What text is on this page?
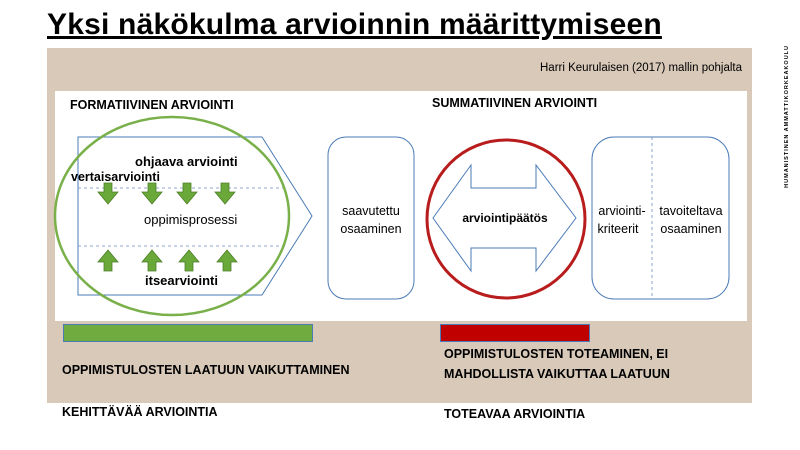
Yksi näkökulma arvioinnin määrittymiseen
Harri Keurulaisen (2017) mallin pohjalta	HUMANISTINEN AMMATTIKORKEAKOULU
FORMATIIVINEN ARVIOINTI	SUMMATIIVINEN ARVIOINTI
ohjaava arviointi
vertaisarviointi
oppimisprosessi
itsearviointi
saavutettu
osaaminen
arviointipäätös	arviointi-
kriteerit
tavoiteltava
osaaminen
OPPIMISTULOSTEN LAATUUN VAIKUTTAMINEN
OPPIMISTULOSTEN TOTEAMINEN, EI
MAHDOLLISTA VAIKUTTAA LAATUUN
KEHITTÄVÄÄ ARVIOINTIA	TOTEAVAA ARVIOINTIA
